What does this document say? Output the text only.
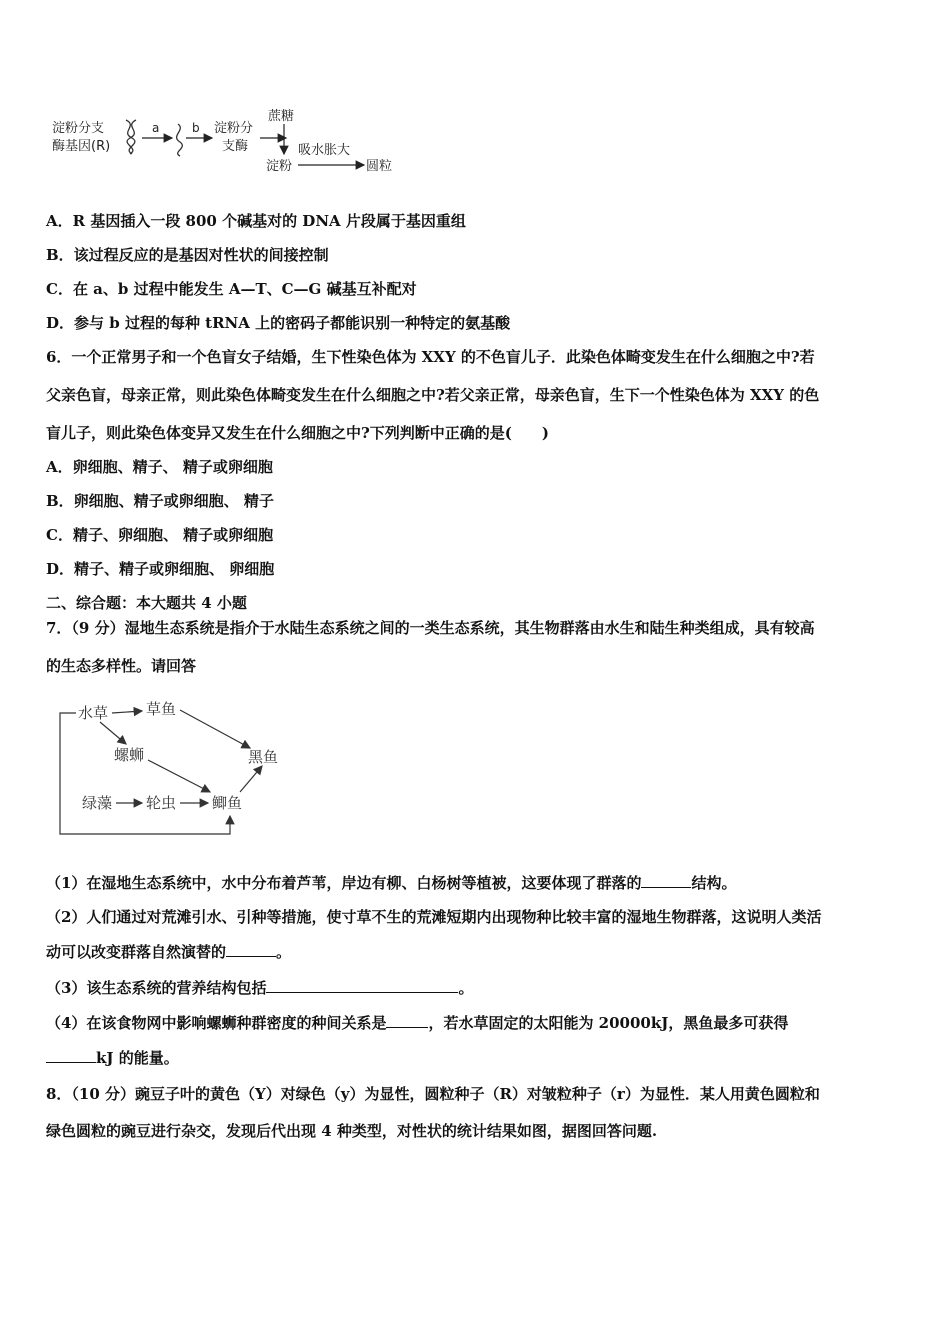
淀粉分支
酶基因(R)
a	b 淀粉分
支酶
蔗糖
吸水胀大
淀粉	圆粒
A．R 基因插入一段 800 个碱基对的 DNA 片段属于基因重组
B．该过程反应的是基因对性状的间接控制
C．在 a、b 过程中能发生 A—T、C—G 碱基互补配对
D．参与 b 过程的每种 tRNA 上的密码子都能识别一种特定的氨基酸
6．一个正常男子和一个色盲女子结婚，生下性染色体为 XXY 的不色盲儿子．此染色体畸变发生在什么细胞之中?若
父亲色盲，母亲正常，则此染色体畸变发生在什么细胞之中?若父亲正常，母亲色盲，生下一个性染色体为 XXY 的色
盲儿子，则此染色体变异又发生在什么细胞之中?下列判断中正确的是(　　)
A．卵细胞、精子、 精子或卵细胞
B．卵细胞、精子或卵细胞、 精子
C．精子、卵细胞、 精子或卵细胞
D．精子、精子或卵细胞、 卵细胞
二、综合题：本大题共 4 小题
7．（9 分）湿地生态系统是指介于水陆生态系统之间的一类生态系统，其生物群落由水生和陆生种类组成，具有较高
的生态多样性。请回答
水草	草鱼
螺蛳	黑鱼
绿藻 轮虫 鲫鱼
（1）在湿地生态系统中，水中分布着芦苇，岸边有柳、白杨树等植被，这要体现了群落的	结构。
（2）人们通过对荒滩引水、引种等措施，使寸草不生的荒滩短期内出现物种比较丰富的湿地生物群落，这说明人类活
动可以改变群落自然演替的	。
（3）该生态系统的营养结构包括	。
（4）在该食物网中影响螺蛳种群密度的种间关系是	，若水草固定的太阳能为 20000kJ，黑鱼最多可获得
kJ 的能量。
8．（10 分）豌豆子叶的黄色（Y）对绿色（y）为显性，圆粒种子（R）对皱粒种子（r）为显性．某人用黄色圆粒和
绿色圆粒的豌豆进行杂交，发现后代出现 4 种类型，对性状的统计结果如图，据图回答问题.
